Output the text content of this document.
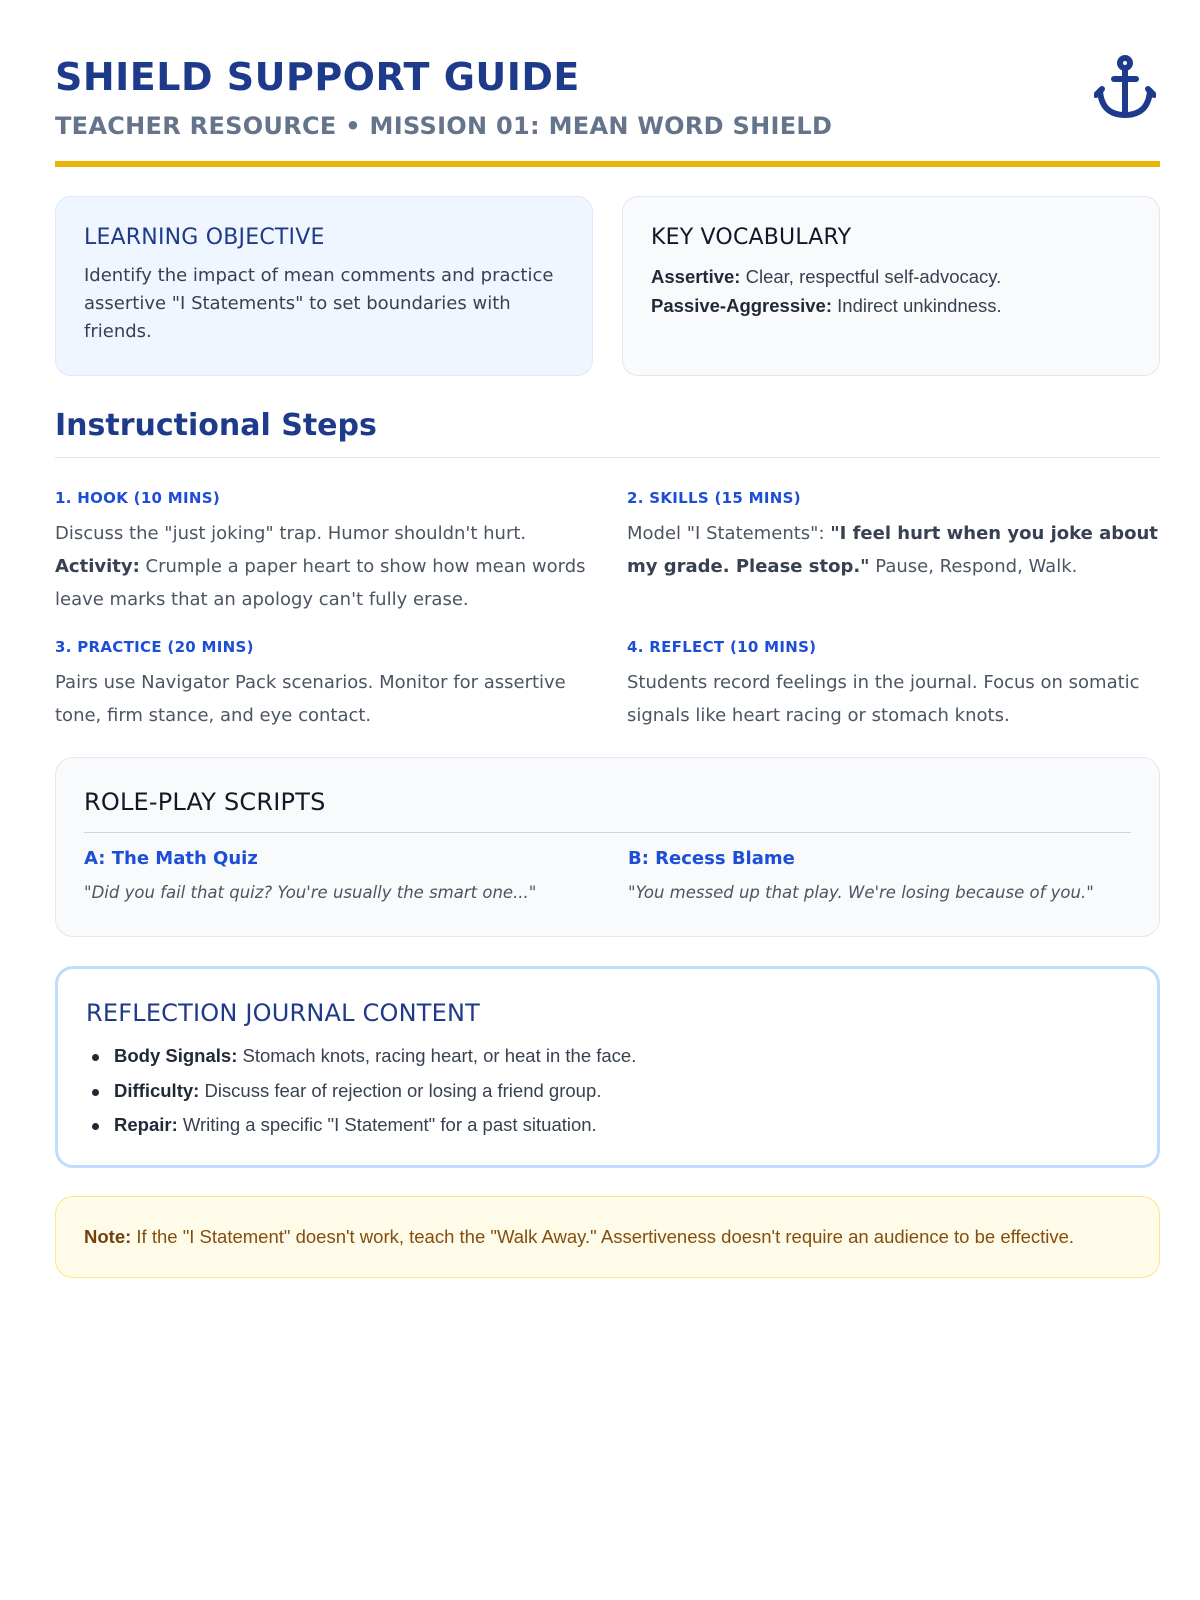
SHIELD SUPPORT GUIDE
TEACHER RESOURCE • MISSION 01: MEAN WORD SHIELD
LEARNING OBJECTIVE
Identify the impact of mean comments and practice assertive "I Statements" to set boundaries with friends.
KEY VOCABULARY
Assertive: Clear, respectful self-advocacy.
Passive-Aggressive: Indirect unkindness.
Instructional Steps
1. HOOK (10 MINS)
Discuss the "just joking" trap. Humor shouldn't hurt.
Activity: Crumple a paper heart to show how mean words leave marks that an apology can't fully erase.
2. SKILLS (15 MINS)
Model "I Statements": "I feel hurt when you joke about my grade. Please stop." Pause, Respond, Walk.
3. PRACTICE (20 MINS)
Pairs use Navigator Pack scenarios. Monitor for assertive tone, firm stance, and eye contact.
4. REFLECT (10 MINS)
Students record feelings in the journal. Focus on somatic signals like heart racing or stomach knots.
ROLE-PLAY SCRIPTS
A: The Math Quiz
"Did you fail that quiz? You're usually the smart one..."
B: Recess Blame
"You messed up that play. We're losing because of you."
REFLECTION JOURNAL CONTENT
Body Signals: Stomach knots, racing heart, or heat in the face.
Difficulty: Discuss fear of rejection or losing a friend group.
Repair: Writing a specific "I Statement" for a past situation.
Note: If the "I Statement" doesn't work, teach the "Walk Away." Assertiveness doesn't require an audience to be effective.
